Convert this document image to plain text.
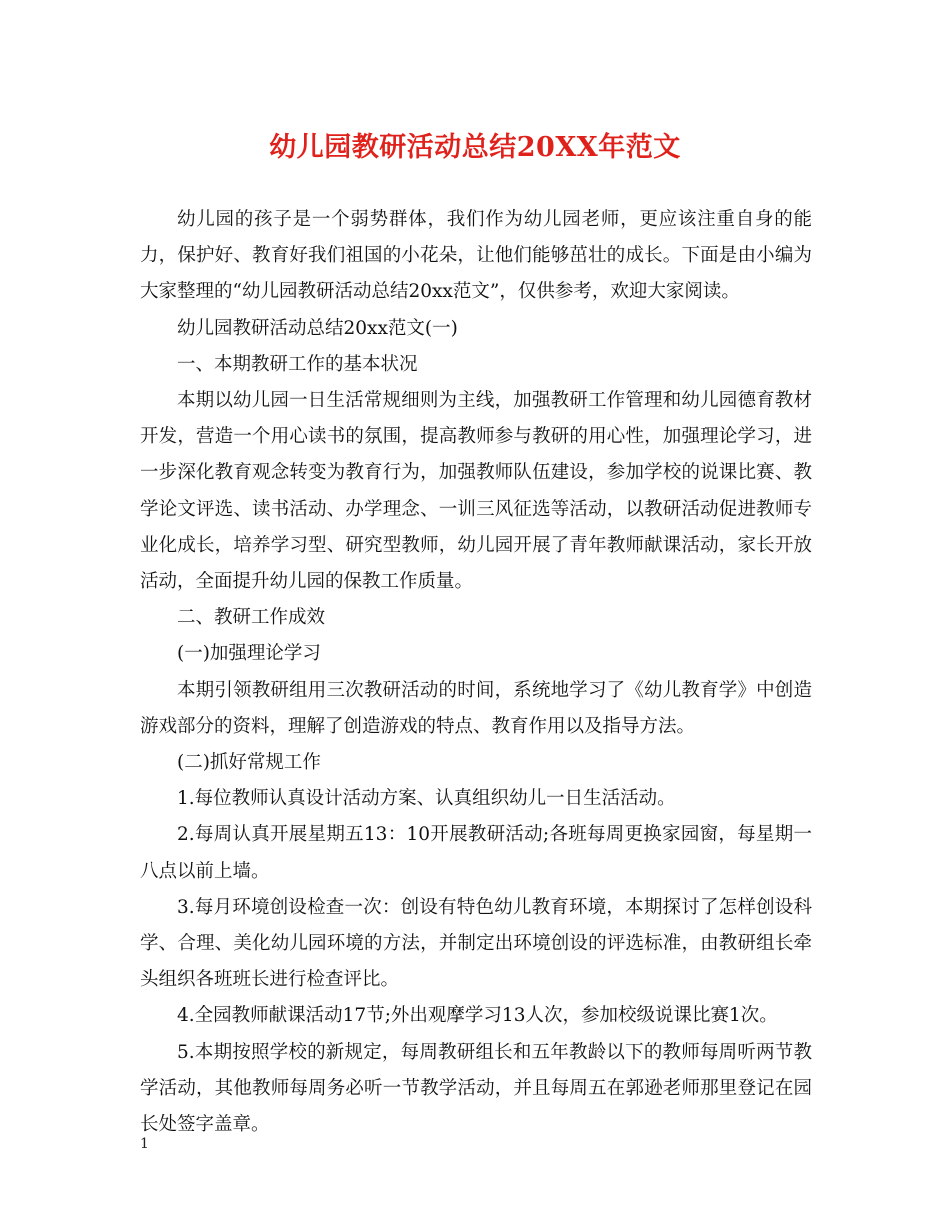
幼儿园教研活动总结20XX年范文

幼儿园的孩子是一个弱势群体，我们作为幼儿园老师，更应该注重自身的能力，保护好、教育好我们祖国的小花朵，让他们能够茁壮的成长。下面是由小编为大家整理的“幼儿园教研活动总结20xx范文”，仅供参考，欢迎大家阅读。

幼儿园教研活动总结20xx范文(一)

一、本期教研工作的基本状况

本期以幼儿园一日生活常规细则为主线，加强教研工作管理和幼儿园德育教材开发，营造一个用心读书的氛围，提高教师参与教研的用心性，加强理论学习，进一步深化教育观念转变为教育行为，加强教师队伍建设，参加学校的说课比赛、教学论文评选、读书活动、办学理念、一训三风征选等活动，以教研活动促进教师专业化成长，培养学习型、研究型教师，幼儿园开展了青年教师献课活动，家长开放活动，全面提升幼儿园的保教工作质量。

二、教研工作成效

(一)加强理论学习

本期引领教研组用三次教研活动的时间，系统地学习了《幼儿教育学》中创造游戏部分的资料，理解了创造游戏的特点、教育作用以及指导方法。

(二)抓好常规工作

1.每位教师认真设计活动方案、认真组织幼儿一日生活活动。

2.每周认真开展星期五13：10开展教研活动;各班每周更换家园窗，每星期一八点以前上墙。

3.每月环境创设检查一次：创设有特色幼儿教育环境，本期探讨了怎样创设科学、合理、美化幼儿园环境的方法，并制定出环境创设的评选标准，由教研组长牵头组织各班班长进行检查评比。

4.全园教师献课活动17节;外出观摩学习13人次，参加校级说课比赛1次。

5.本期按照学校的新规定，每周教研组长和五年教龄以下的教师每周听两节教学活动，其他教师每周务必听一节教学活动，并且每周五在郭逊老师那里登记在园长处签字盖章。

1
